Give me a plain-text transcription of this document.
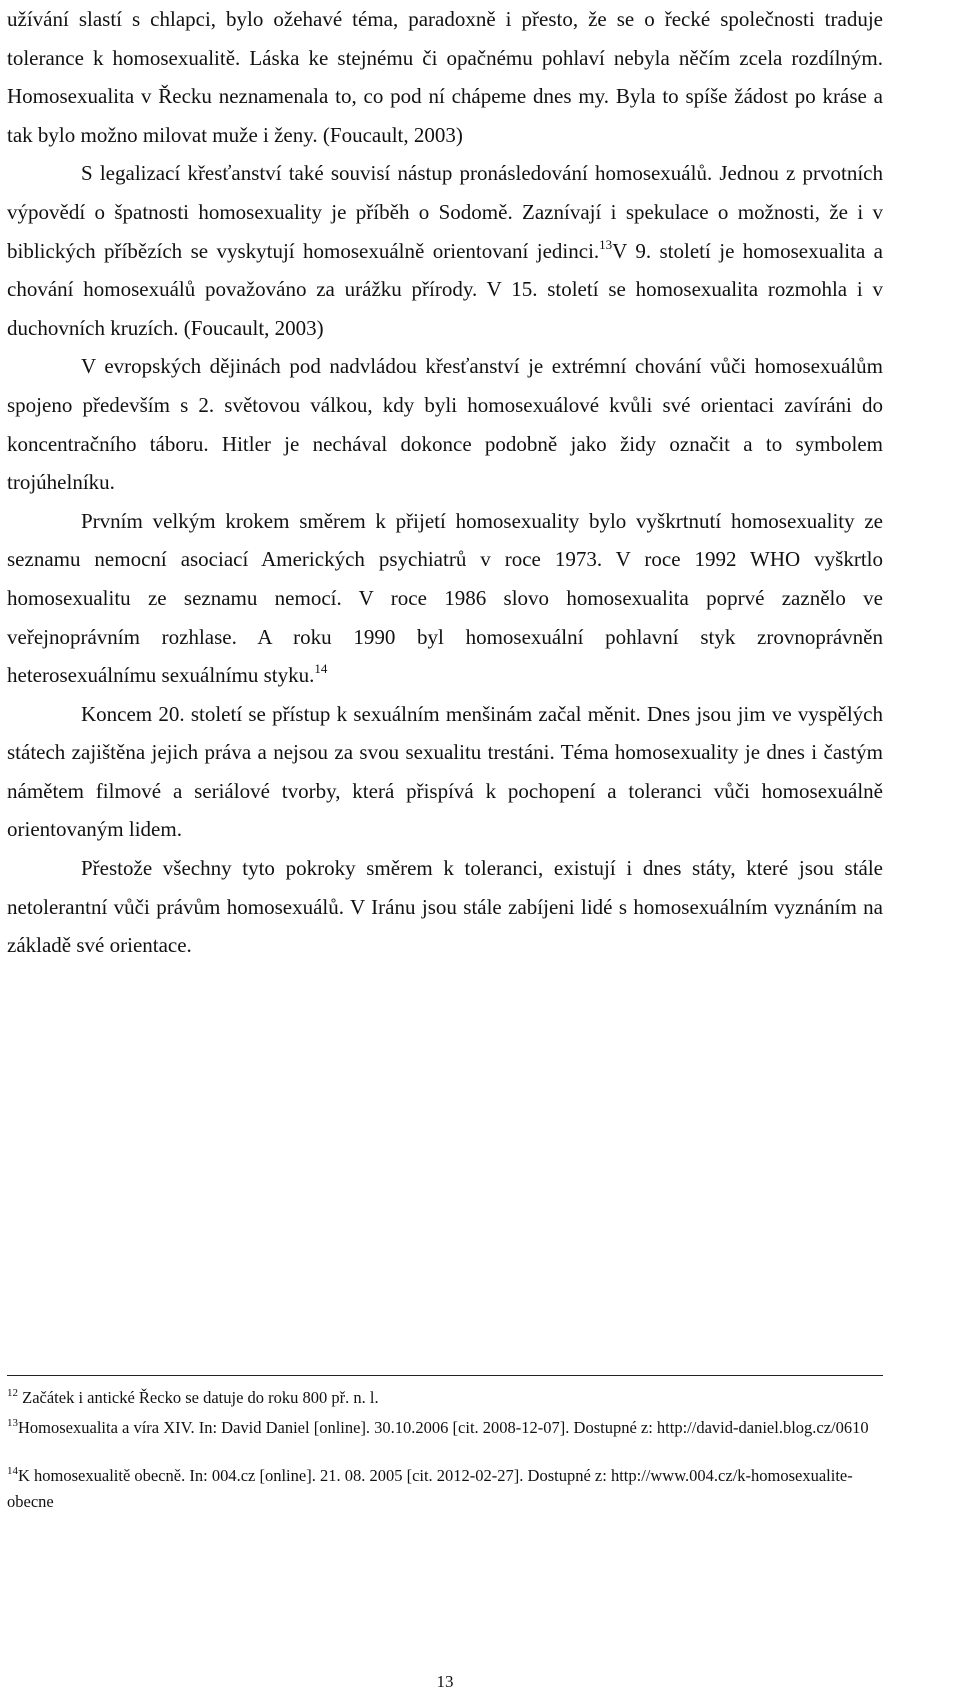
užívání slastí s chlapci, bylo ožehavé téma, paradoxně i přesto, že se o řecké společnosti traduje tolerance k homosexualitě. Láska ke stejnému či opačnému pohlaví nebyla něčím zcela rozdílným. Homosexualita v Řecku neznamenala to, co pod ní chápeme dnes my. Byla to spíše žádost po kráse a tak bylo možno milovat muže i ženy. (Foucault, 2003)

S legalizací křesťanství také souvisí nástup pronásledování homosexuálů. Jednou z prvotních výpovědí o špatnosti homosexuality je příběh o Sodomě. Zaznívají i spekulace o možnosti, že i v biblických příbězích se vyskytují homosexuálně orientovaní jedinci.$^{13}$V 9. století je homosexualita a chování homosexuálů považováno za urážku přírody. V 15. století se homosexualita rozmohla i v duchovních kruzích. (Foucault, 2003)

V evropských dějinách pod nadvládou křesťanství je extrémní chování vůči homosexuálům spojeno především s 2. světovou válkou, kdy byli homosexuálové kvůli své orientaci zavíráni do koncentračního táboru. Hitler je nechával dokonce podobně jako židy označit a to symbolem trojúhelníku.

Prvním velkým krokem směrem k přijetí homosexuality bylo vyškrtnutí homosexuality ze seznamu nemocní asociací Amerických psychiatrů v roce 1973. V roce 1992 WHO vyškrtlo homosexualitu ze seznamu nemocí. V roce 1986 slovo homosexualita poprvé zaznělo ve veřejnoprávním rozhlase. A roku 1990 byl homosexuální pohlavní styk zrovnoprávněn heterosexuálnímu sexuálnímu styku.$^{14}$

Koncem 20. století se přístup k sexuálním menšinám začal měnit. Dnes jsou jim ve vyspělých státech zajištěna jejich práva a nejsou za svou sexualitu trestáni. Téma homosexuality je dnes i častým námětem filmové a seriálové tvorby, která přispívá k pochopení a toleranci vůči homosexuálně orientovaným lidem.

Přestože všechny tyto pokroky směrem k toleranci, existují i dnes státy, které jsou stále netolerantní vůči právům homosexuálů. V Iránu jsou stále zabíjeni lidé s homosexuálním vyznáním na základě své orientace.

$^{12}$ Začátek i antické Řecko se datuje do roku 800 př. n. l.

$^{13}$Homosexualita a víra XIV. In: David Daniel [online]. 30.10.2006 [cit. 2008-12-07]. Dostupné z: http://david-daniel.blog.cz/0610

$^{14}$K homosexualitě obecně. In: 004.cz [online]. 21. 08. 2005 [cit. 2012-02-27]. Dostupné z: http://www.004.cz/k-homosexualite-obecne

13
